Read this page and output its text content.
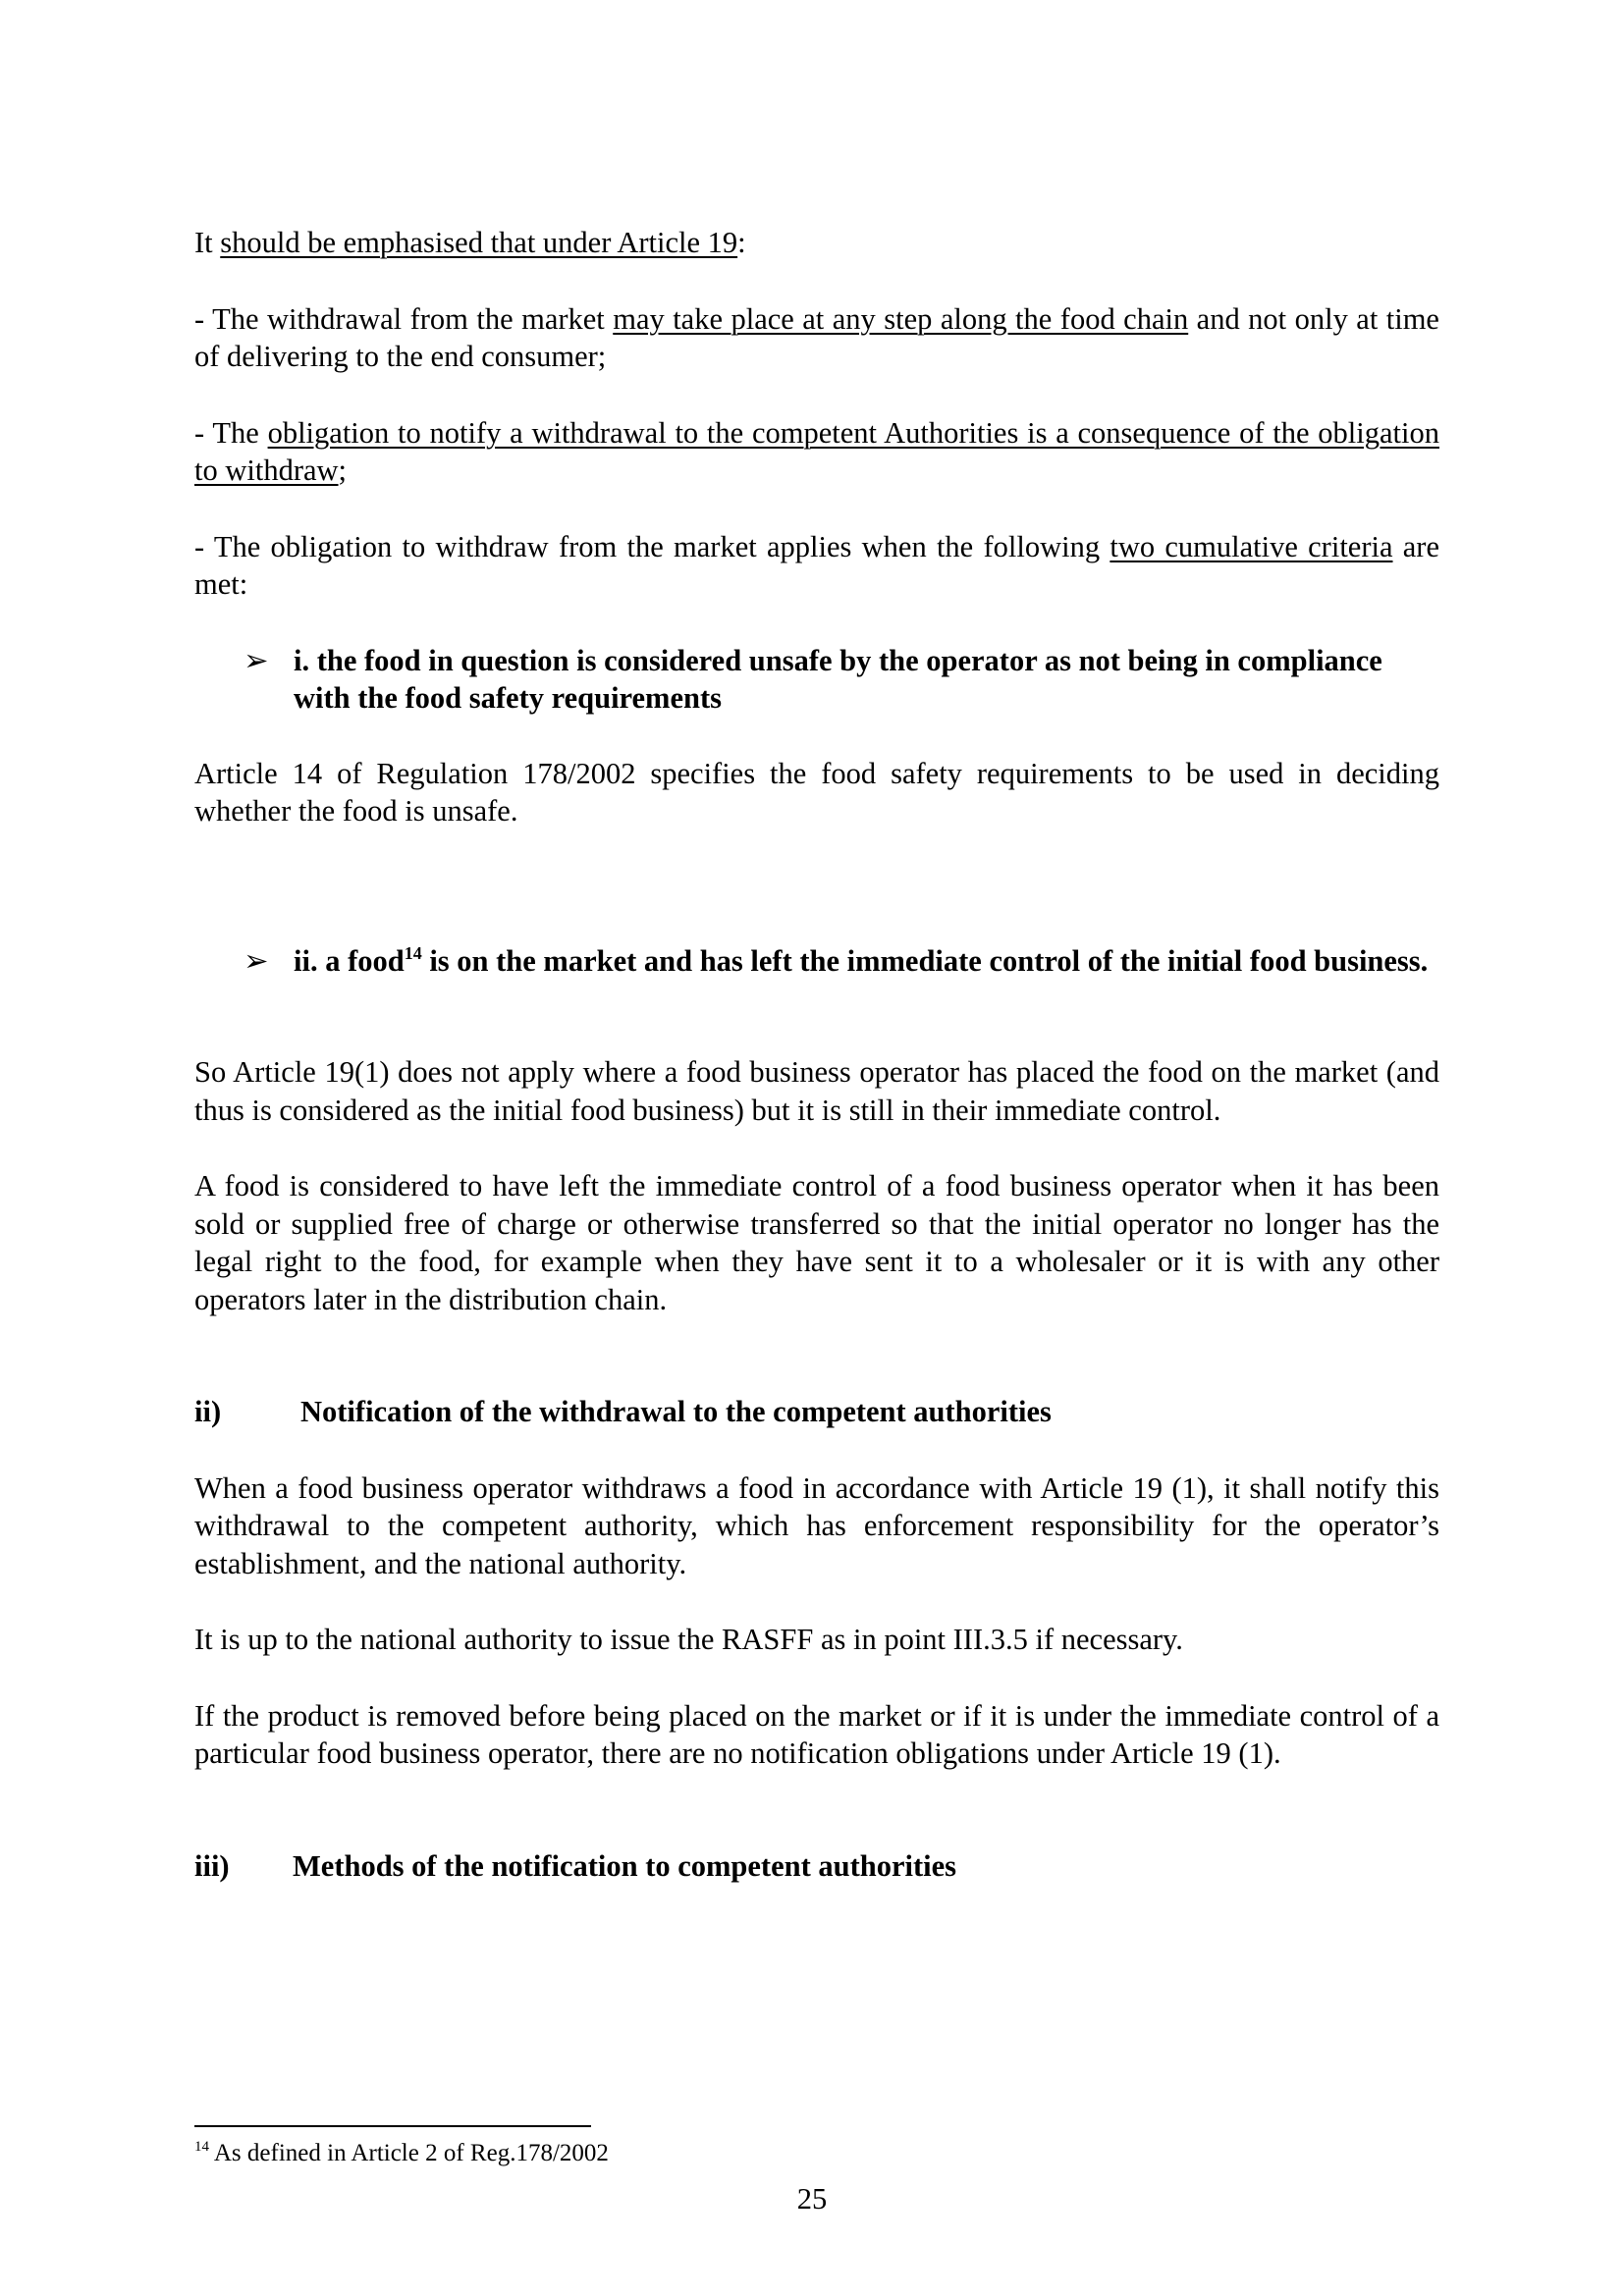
It should be emphasised that under Article 19:

- The withdrawal from the market may take place at any step along the food chain and not only at time of delivering to the end consumer;

- The obligation to notify a withdrawal to the competent Authorities is a consequence of the obligation to withdraw;

- The obligation to withdraw from the market applies when the following two cumulative criteria are met:

➢ i. the food in question is considered unsafe by the operator as not being in compliance with the food safety requirements

Article 14 of Regulation 178/2002 specifies the food safety requirements to be used in deciding whether the food is unsafe.

➢ ii. a food$^{14}$ is on the market and has left the immediate control of the initial food business.

So Article 19(1) does not apply where a food business operator has placed the food on the market (and thus is considered as the initial food business) but it is still in their immediate control.

A food is considered to have left the immediate control of a food business operator when it has been sold or supplied free of charge or otherwise transferred so that the initial operator no longer has the legal right to the food, for example when they have sent it to a wholesaler or it is with any other operators later in the distribution chain.

ii)	Notification of the withdrawal to the competent authorities

When a food business operator withdraws a food in accordance with Article 19 (1), it shall notify this withdrawal to the competent authority, which has enforcement responsibility for the operator’s establishment, and the national authority.

It is up to the national authority to issue the RASFF as in point III.3.5 if necessary.

If the product is removed before being placed on the market or if it is under the immediate control of a particular food business operator, there are no notification obligations under Article 19 (1).

iii)	Methods of the notification to competent authorities
$^{14}$ As defined in Article 2 of Reg.178/2002
25
